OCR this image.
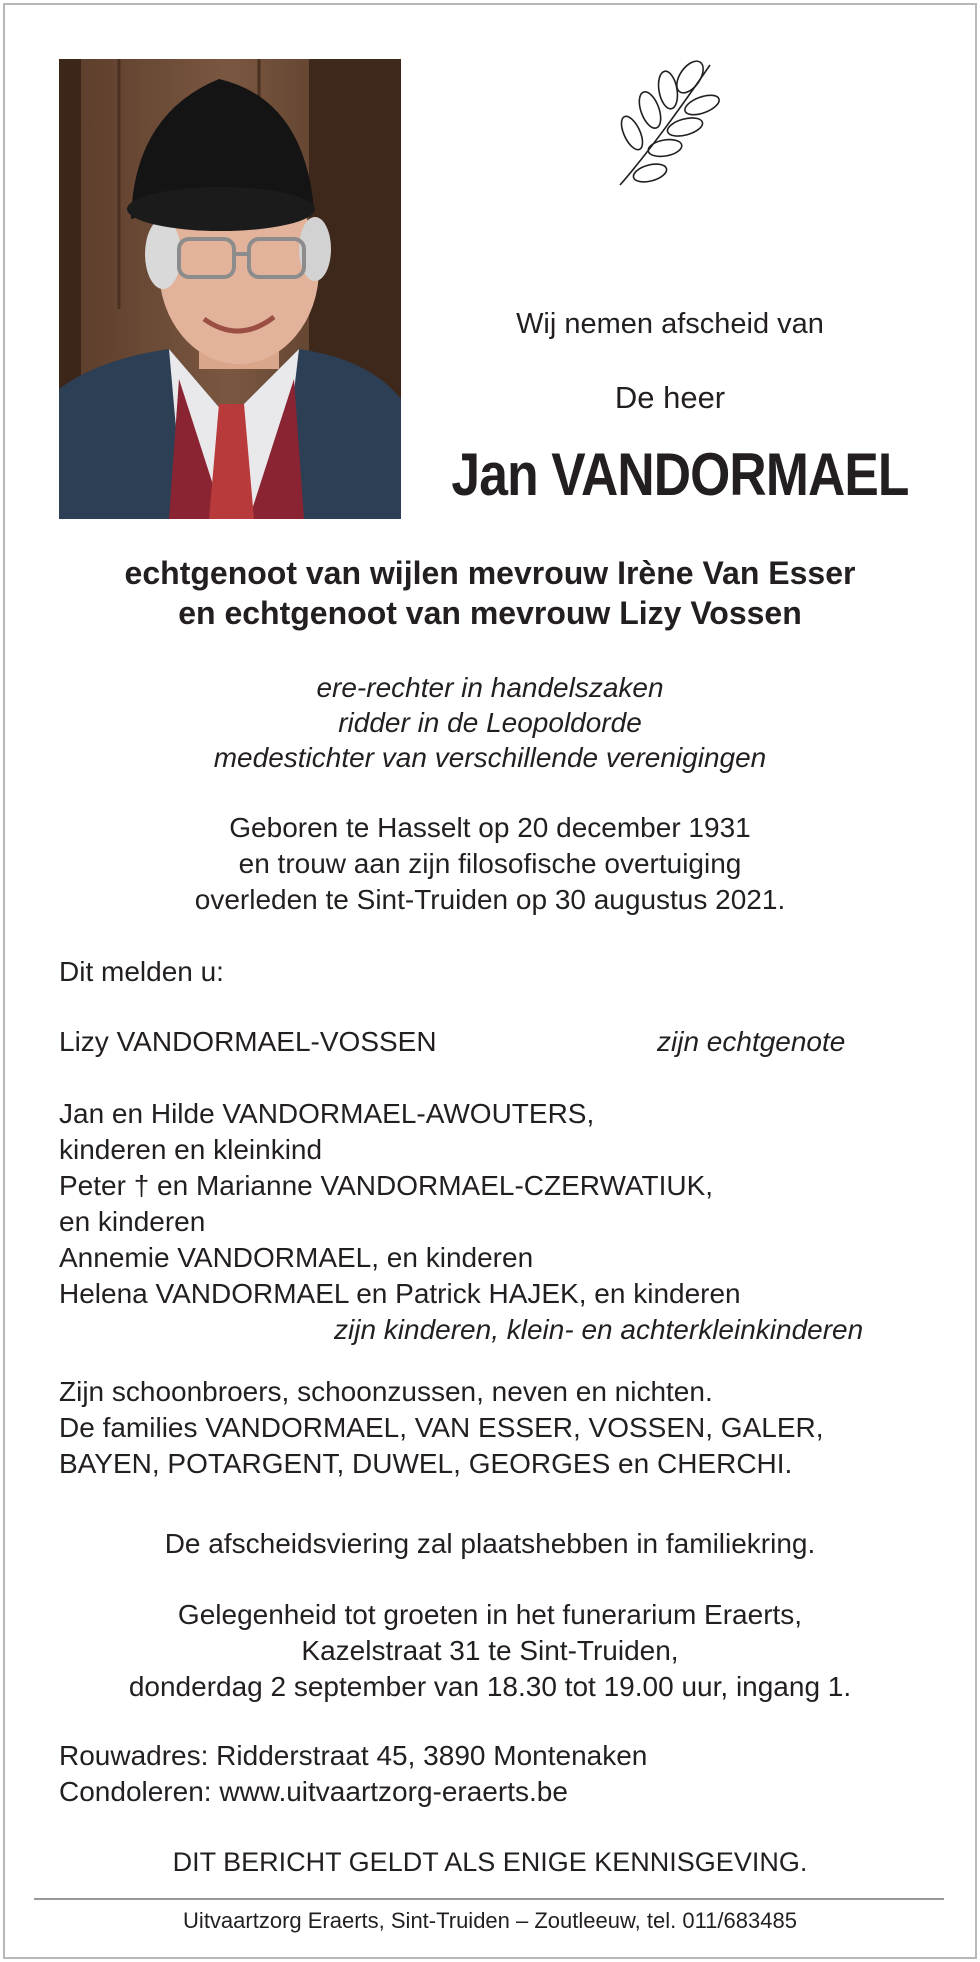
Wij nemen afscheid van
De heer
Jan VANDORMAEL
echtgenoot van wijlen mevrouw Irène Van Esser
en echtgenoot van mevrouw Lizy Vossen
ere-rechter in handelszaken
ridder in de Leopoldorde
medestichter van verschillende verenigingen
Geboren te Hasselt op 20 december 1931
en trouw aan zijn filosofische overtuiging
overleden te Sint-Truiden op 30 augustus 2021.
Dit melden u:
Lizy VANDORMAEL-VOSSEN	zijn echtgenote
Jan en Hilde VANDORMAEL-AWOUTERS,
kinderen en kleinkind
Peter † en Marianne VANDORMAEL-CZERWATIUK,
en kinderen
Annemie VANDORMAEL, en kinderen
Helena VANDORMAEL en Patrick HAJEK, en kinderen
zijn kinderen, klein- en achterkleinkinderen
Zijn schoonbroers, schoonzussen, neven en nichten.
De families VANDORMAEL, VAN ESSER, VOSSEN, GALER,
BAYEN, POTARGENT, DUWEL, GEORGES en CHERCHI.
De afscheidsviering zal plaatshebben in familiekring.
Gelegenheid tot groeten in het funerarium Eraerts,
Kazelstraat 31 te Sint-Truiden,
donderdag 2 september van 18.30 tot 19.00 uur, ingang 1.
Rouwadres: Ridderstraat 45, 3890 Montenaken
Condoleren: www.uitvaartzorg-eraerts.be
DIT BERICHT GELDT ALS ENIGE KENNISGEVING.
Uitvaartzorg Eraerts, Sint-Truiden – Zoutleeuw, tel. 011/683485
